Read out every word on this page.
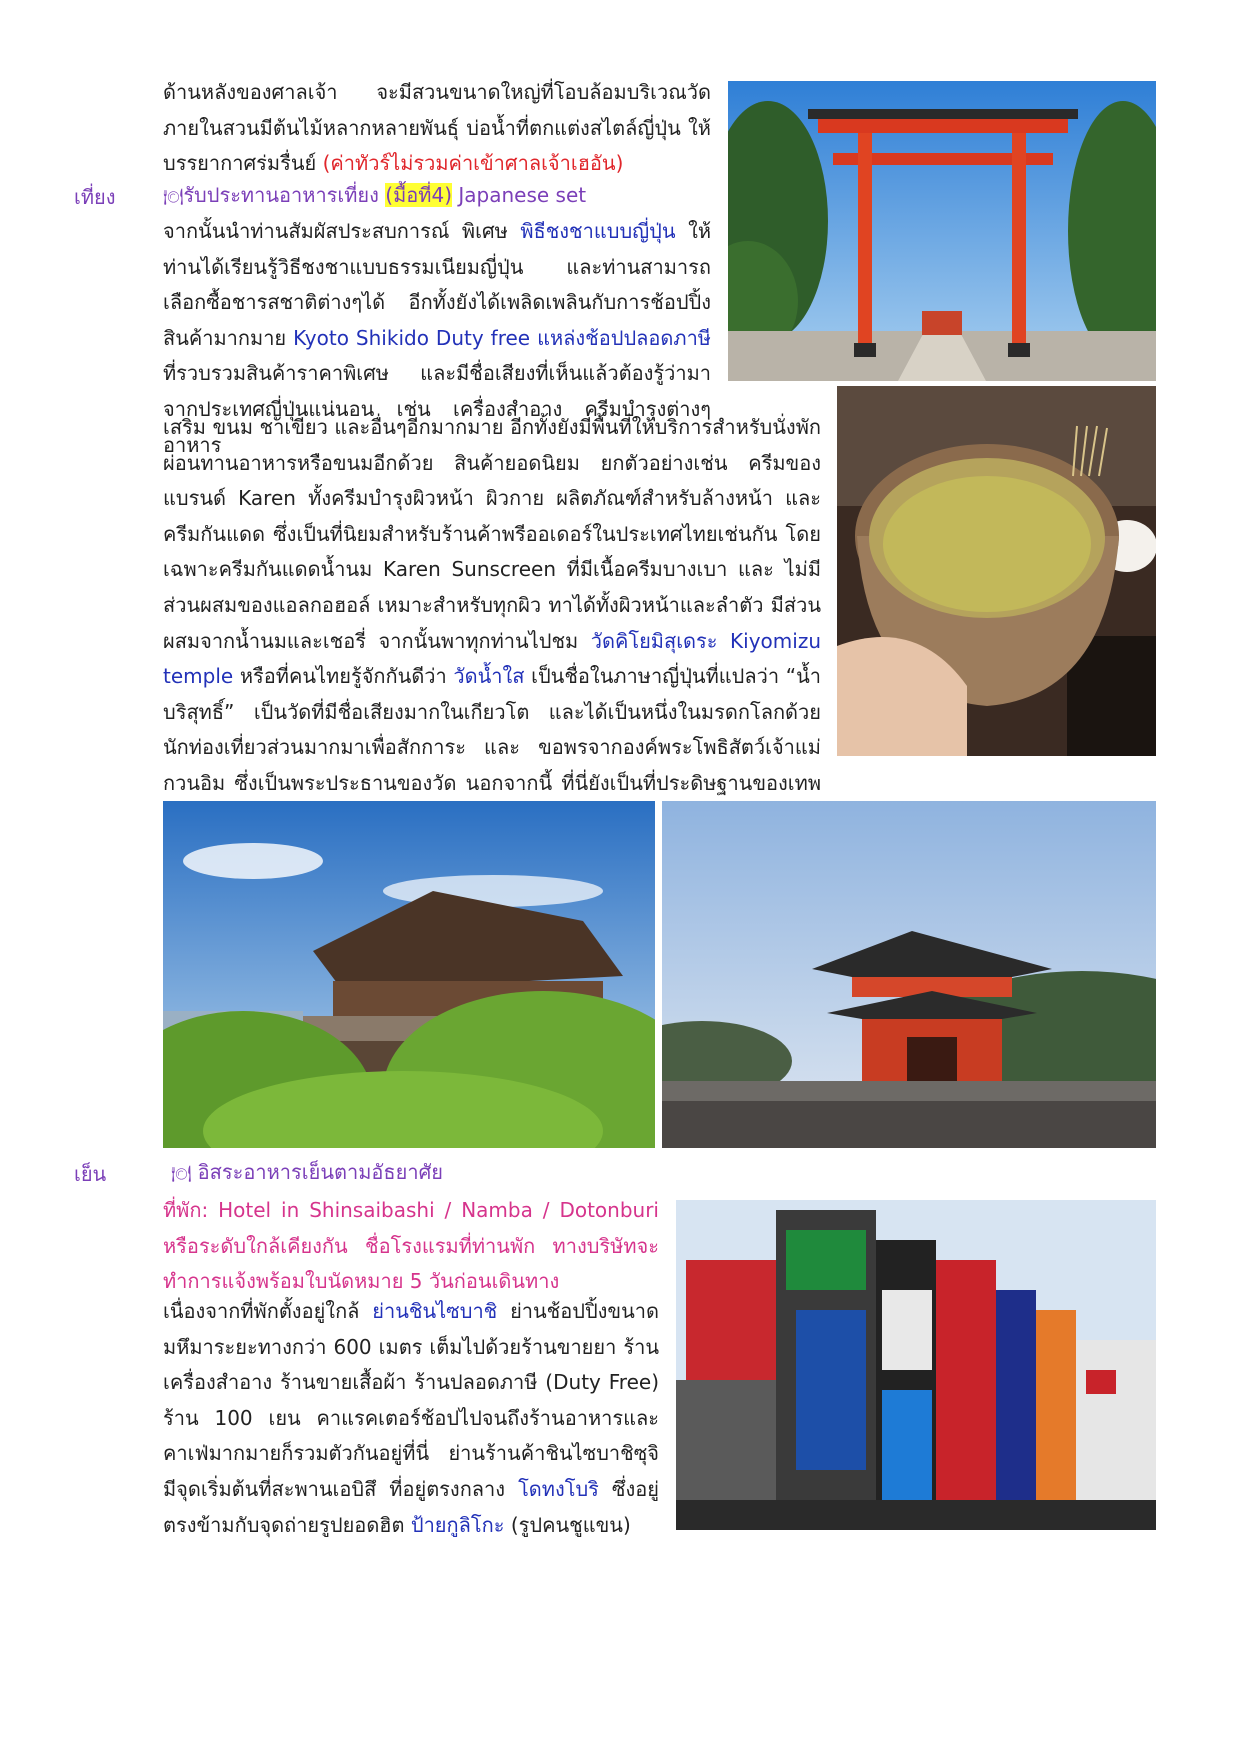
ด้านหลังของศาลเจ้า จะมีสวนขนาดใหญ่ที่โอบล้อมบริเวณวัด ภายในสวนมีต้นไม้หลากหลายพันธุ์ บ่อน้ำที่ตกแต่งสไตล์ญี่ปุ่น ให้บรรยากาศร่มรื่นย์ (ค่าทัวร์ไม่รวมค่าเข้าศาลเจ้าเฮอัน)

เที่ยง	🍽รับประทานอาหารเที่ยง (มื้อที่4) Japanese set

จากนั้นนำท่านสัมผัสประสบการณ์ พิเศษ พิธีชงชาแบบญี่ปุ่น ให้ท่านได้เรียนรู้วิธีชงชาแบบธรรมเนียมญี่ปุ่น และท่านสามารถเลือกซื้อชารสชาติต่างๆได้ อีกทั้งยังได้เพลิดเพลินกับการช้อปปิ้งสินค้ามากมาย Kyoto Shikido Duty free แหล่งช้อปปลอดภาษี ที่รวบรวมสินค้าราคาพิเศษ และมีชื่อเสียงที่เห็นแล้วต้องรู้ว่ามาจากประเทศญี่ปุ่นแน่นอน เช่น เครื่องสำอาง ครีมบำรุงต่างๆ อาหาร

เสริม ขนม ชาเขียว และอื่นๆอีกมากมาย อีกทั้งยังมีพื้นที่ให้บริการสำหรับนั่งพักผ่อนทานอาหารหรือขนมอีกด้วย สินค้ายอดนิยม ยกตัวอย่างเช่น ครีมของแบรนด์ Karen ทั้งครีมบำรุงผิวหน้า ผิวกาย ผลิตภัณฑ์สำหรับล้างหน้า และครีมกันแดด ซึ่งเป็นที่นิยมสำหรับร้านค้าพรีออเดอร์ในประเทศไทยเช่นกัน โดยเฉพาะครีมกันแดดน้ำนม Karen Sunscreen ที่มีเนื้อครีมบางเบา และ ไม่มีส่วนผสมของแอลกอฮอล์ เหมาะสำหรับทุกผิว ทาได้ทั้งผิวหน้าและลำตัว มีส่วนผสมจากน้ำนมและเชอรี่ จากนั้นพาทุกท่านไปชม วัดคิโยมิสุเดระ Kiyomizu temple หรือที่คนไทยรู้จักกันดีว่า วัดน้ำใส เป็นชื่อในภาษาญี่ปุ่นที่แปลว่า “น้ำบริสุทธิ์” เป็นวัดที่มีชื่อเสียงมากในเกียวโต และได้เป็นหนึ่งในมรดกโลกด้วย นักท่องเที่ยวส่วนมากมาเพื่อสักการะ และ ขอพรจากองค์พระโพธิสัตว์เจ้าแม่กวนอิม ซึ่งเป็นพระประธานของวัด นอกจากนี้ ที่นี่ยังเป็นที่ประดิษฐานของเทพ

เย็น	🍽 อิสระอาหารเย็นตามอัธยาศัย

ที่พัก: Hotel in Shinsaibashi / Namba / Dotonburi หรือระดับใกล้เคียงกัน ชื่อโรงแรมที่ท่านพัก ทางบริษัทจะทำการแจ้งพร้อมใบนัดหมาย 5 วันก่อนเดินทาง

เนื่องจากที่พักตั้งอยู่ใกล้ ย่านชินไซบาชิ ย่านช้อปปิ้งขนาดมหึมาระยะทางกว่า 600 เมตร เต็มไปด้วยร้านขายยา ร้านเครื่องสำอาง ร้านขายเสื้อผ้า ร้านปลอดภาษี (Duty Free) ร้าน 100 เยน คาแรคเตอร์ช้อปไปจนถึงร้านอาหารและคาเฟ่มากมายก็รวมตัวกันอยู่ที่นี่ ย่านร้านค้าชินไซบาชิซุจิมีจุดเริ่มต้นที่สะพานเอบิสึ ที่อยู่ตรงกลาง โดทงโบริ ซึ่งอยู่ตรงข้ามกับจุดถ่ายรูปยอดฮิต ป้ายกูลิโกะ (รูปคนชูแขน)
